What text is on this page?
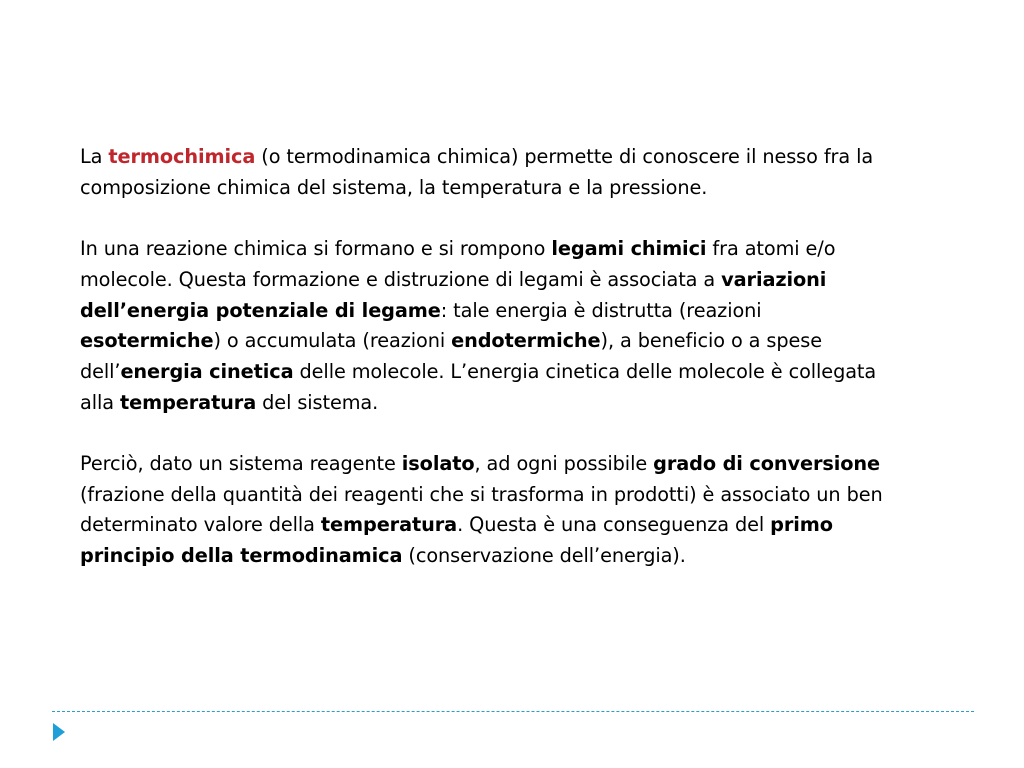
La termochimica (o termodinamica chimica) permette di conoscere il nesso fra la
composizione chimica del sistema, la temperatura e la pressione.

In una reazione chimica si formano e si rompono legami chimici fra atomi e/o
molecole. Questa formazione e distruzione di legami è associata a variazioni
dell’energia potenziale di legame: tale energia è distrutta (reazioni
esotermiche) o accumulata (reazioni endotermiche), a beneficio o a spese
dell’energia cinetica delle molecole. L’energia cinetica delle molecole è collegata
alla temperatura del sistema.

Perciò, dato un sistema reagente isolato, ad ogni possibile grado di conversione
(frazione della quantità dei reagenti che si trasforma in prodotti) è associato un ben
determinato valore della temperatura. Questa è una conseguenza del primo
principio della termodinamica (conservazione dell’energia).
